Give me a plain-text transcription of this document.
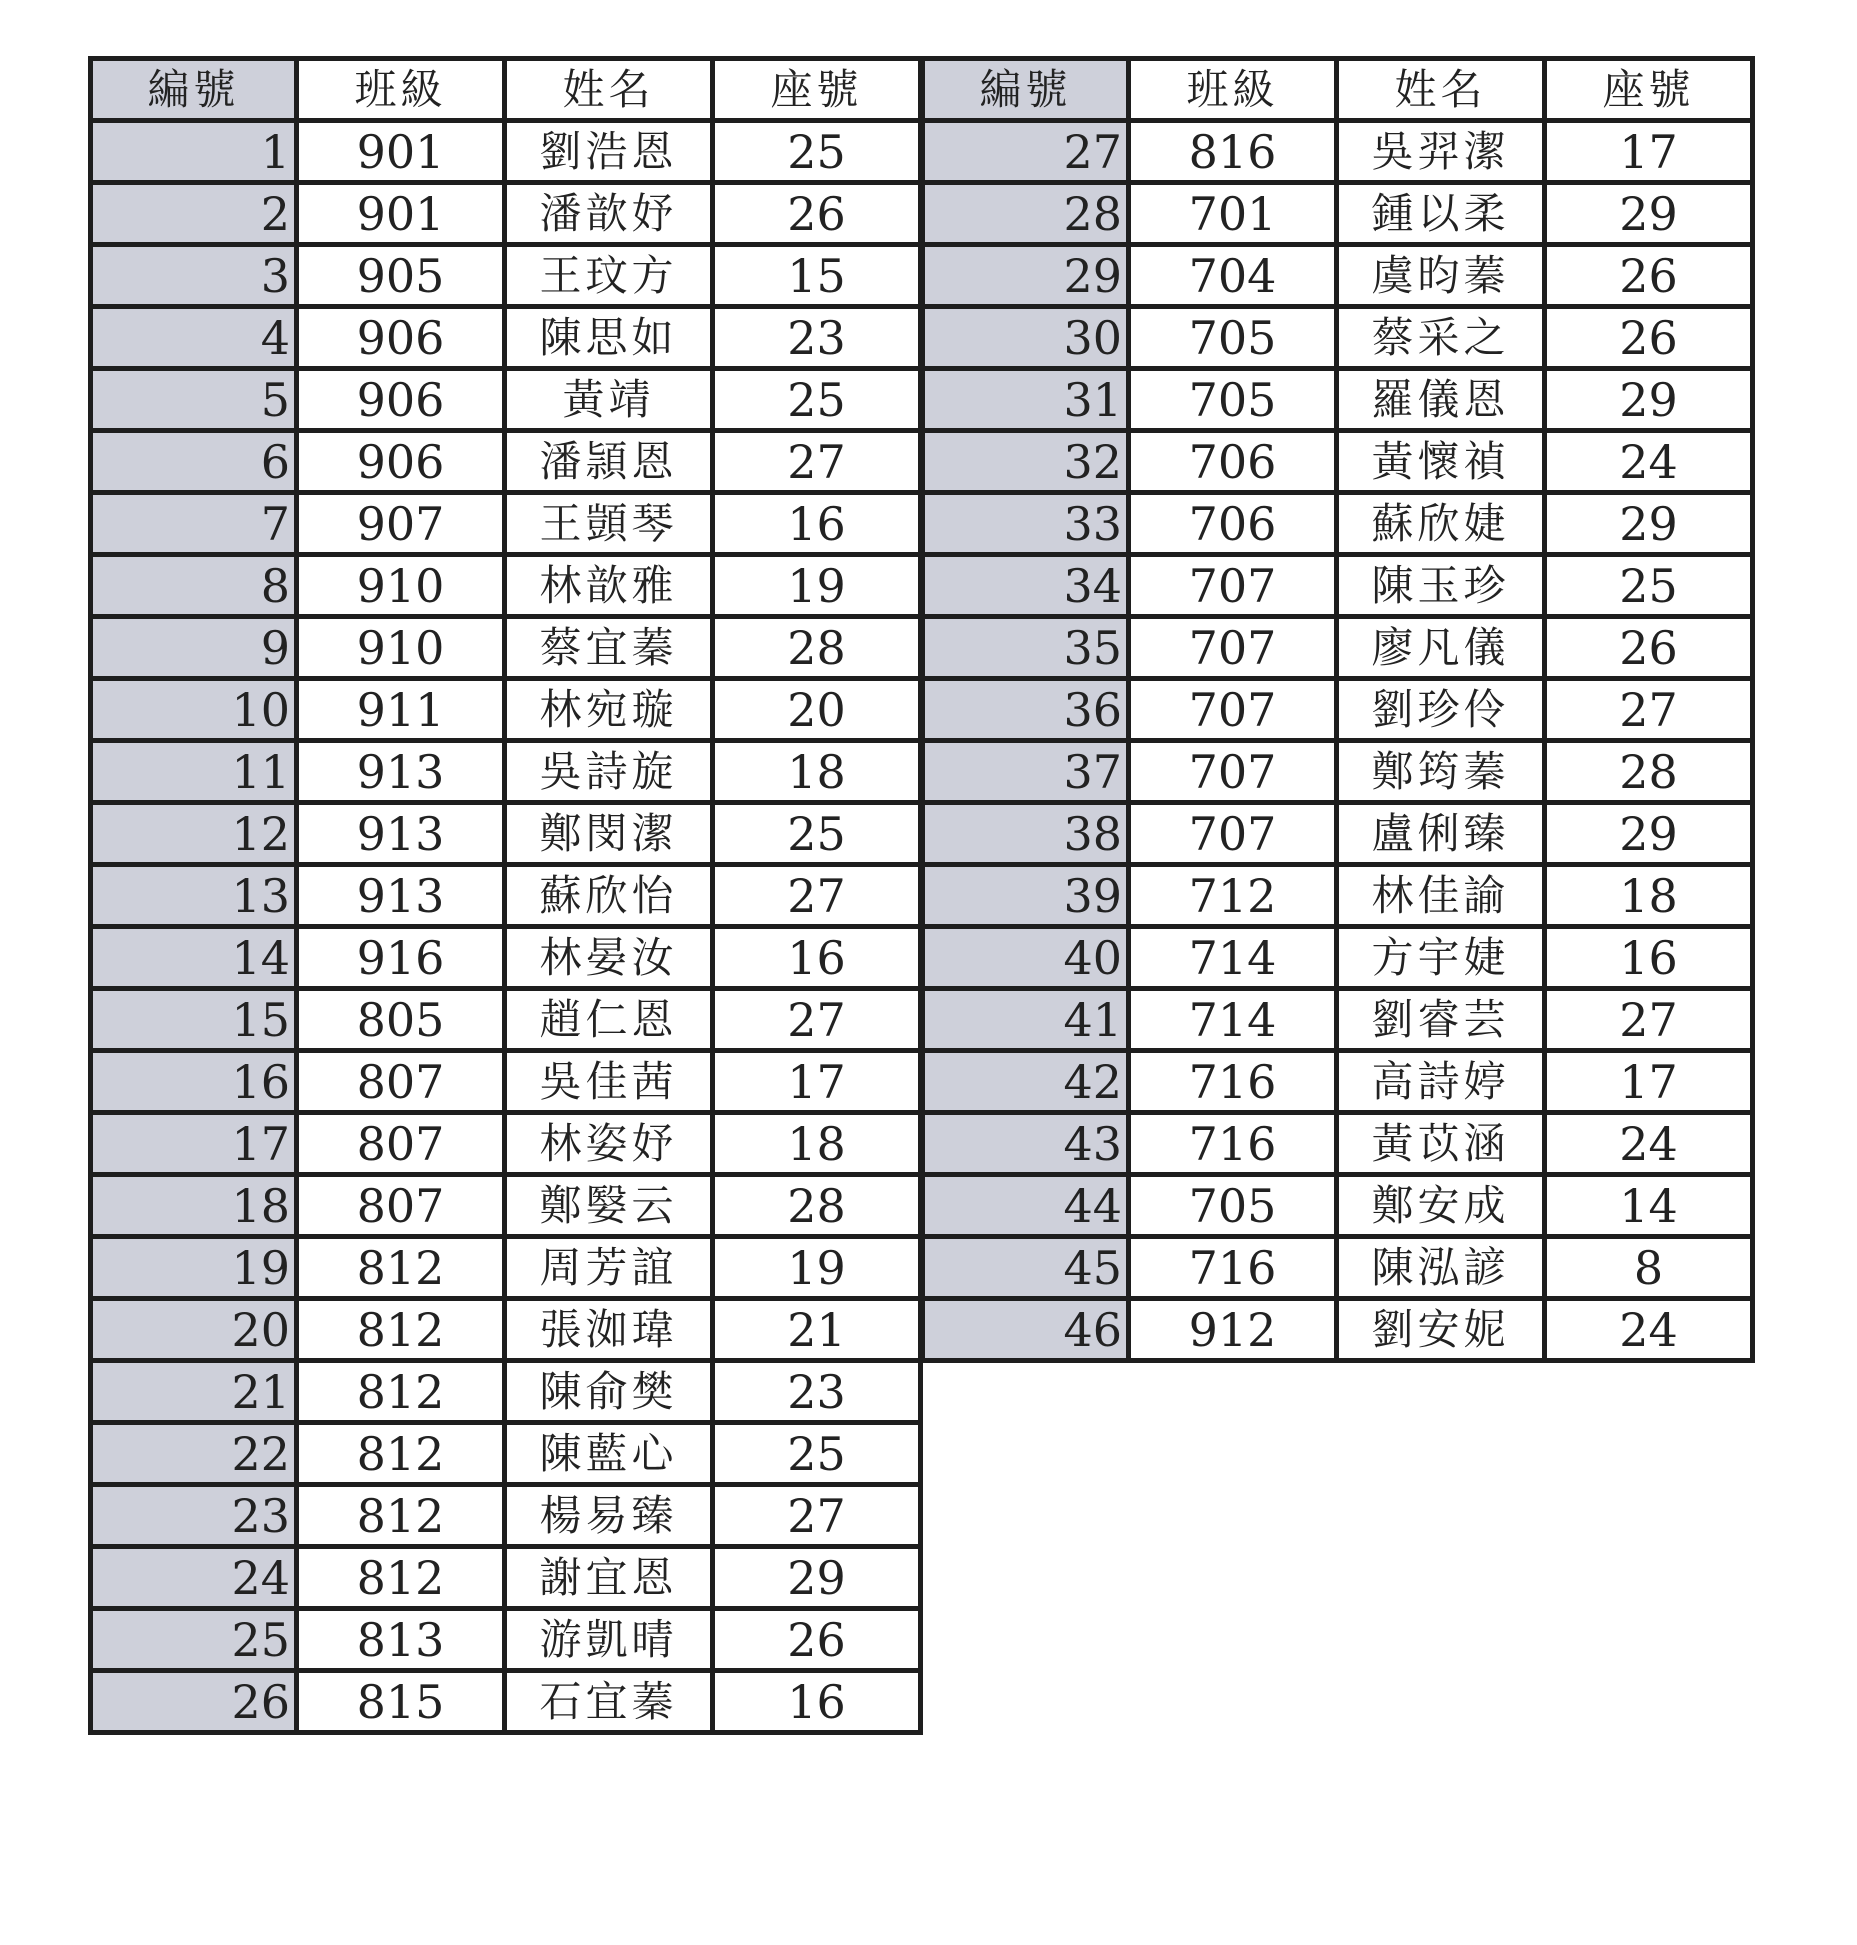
編號	班級	姓名	座號
1	901	劉浩恩	25
2	901	潘歆妤	26
3	905	王玟方	15
4	906	陳思如	23
5	906	黃靖	25
6	906	潘頴恩	27
7	907	王顗琴	16
8	910	林歆雅	19
9	910	蔡宜蓁	28
10	911	林宛璇	20
11	913	吳詩旋	18
12	913	鄭閔潔	25
13	913	蘇欣怡	27
14	916	林晏汝	16
15	805	趙仁恩	27
16	807	吳佳茜	17
17	807	林姿妤	18
18	807	鄭嫛云	28
19	812	周芳誼	19
20	812	張洳瑋	21
21	812	陳俞樊	23
22	812	陳藍心	25
23	812	楊易臻	27
24	812	謝宜恩	29
25	813	游凱晴	26
26	815	石宜蓁	16
編號	班級	姓名	座號
27	816	吳羿潔	17
28	701	鍾以柔	29
29	704	虞昀蓁	26
30	705	蔡采之	26
31	705	羅儀恩	29
32	706	黃懷禎	24
33	706	蘇欣婕	29
34	707	陳玉珍	25
35	707	廖凡儀	26
36	707	劉珍伶	27
37	707	鄭筠蓁	28
38	707	盧俐臻	29
39	712	林佳諭	18
40	714	方宇婕	16
41	714	劉睿芸	27
42	716	高詩婷	17
43	716	黃苡涵	24
44	705	鄭安成	14
45	716	陳泓諺	8
46	912	劉安妮	24
